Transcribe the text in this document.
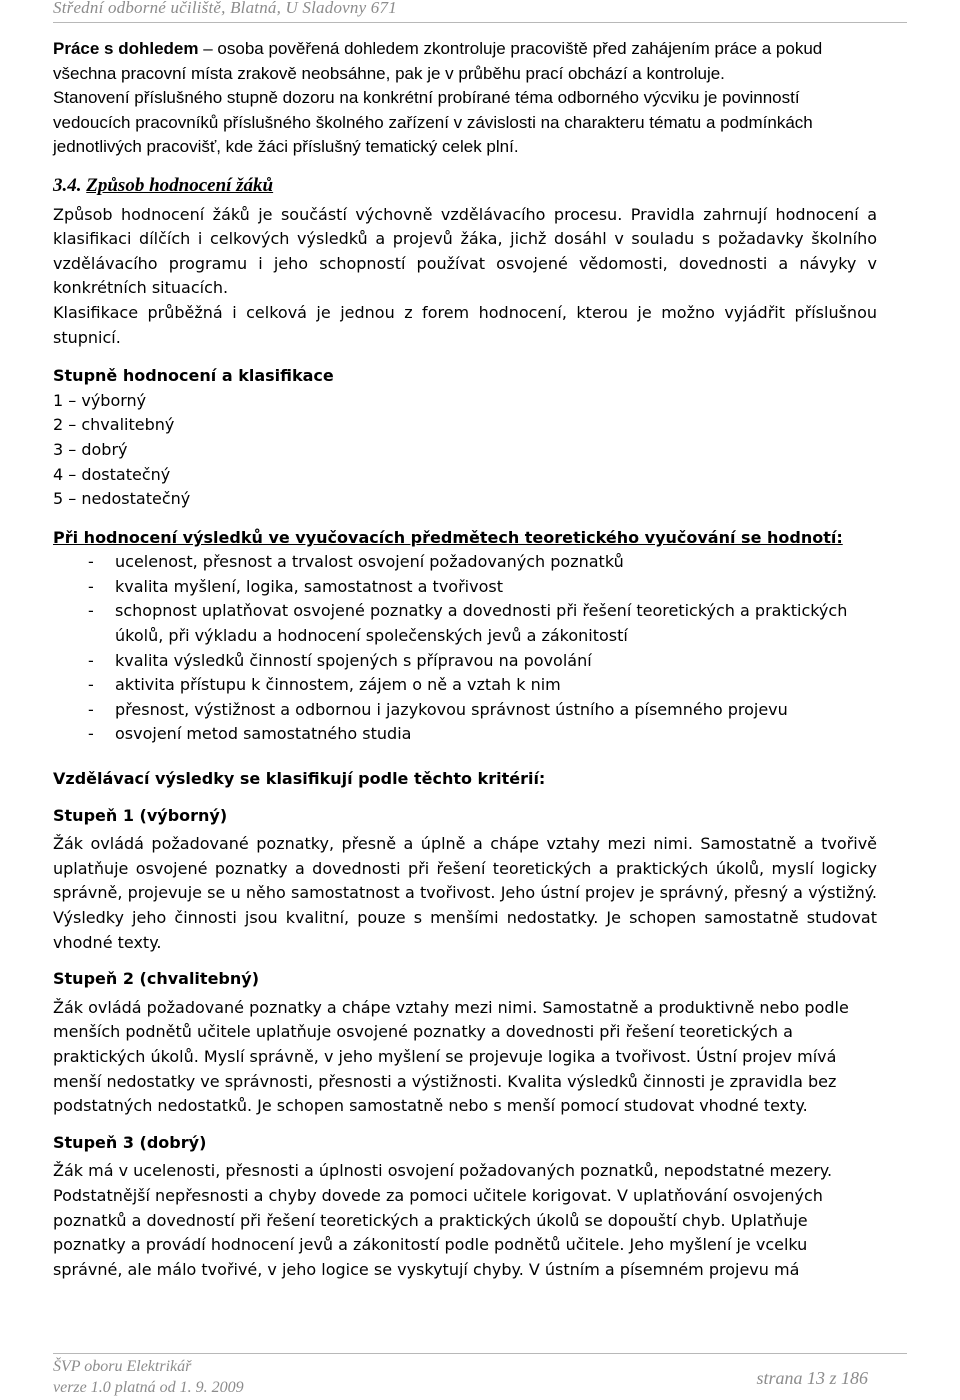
Střední odborné učiliště, Blatná, U Sladovny 671

Práce s dohledem – osoba pověřená dohledem zkontroluje pracoviště před zahájením práce a pokud všechna pracovní místa zrakově neobsáhne, pak je v průběhu prací obchází a kontroluje.

Stanovení příslušného stupně dozoru na konkrétní probírané téma odborného výcviku je povinností vedoucích pracovníků příslušného školného zařízení v závislosti na charakteru tématu a podmínkách jednotlivých pracovišť, kde žáci příslušný tematický celek plní.

3.4. Způsob hodnocení žáků

Způsob hodnocení žáků je součástí výchovně vzdělávacího procesu. Pravidla zahrnují hodnocení a klasifikaci dílčích i celkových výsledků a projevů žáka, jichž dosáhl v souladu s požadavky školního vzdělávacího programu i jeho schopností používat osvojené vědomosti, dovednosti a návyky v konkrétních situacích.

Klasifikace průběžná i celková je jednou z forem hodnocení, kterou je možno vyjádřit příslušnou stupnicí.

Stupně hodnocení a klasifikace

1 – výborný

2 – chvalitebný

3 – dobrý

4 – dostatečný

5 – nedostatečný

Při hodnocení výsledků ve vyučovacích předmětech teoretického vyučování se hodnotí:

- ucelenost, přesnost a trvalost osvojení požadovaných poznatků
- kvalita myšlení, logika, samostatnost a tvořivost
- schopnost uplatňovat osvojené poznatky a dovednosti při řešení teoretických a praktických úkolů, při výkladu a hodnocení společenských jevů a zákonitostí
- kvalita výsledků činností spojených s přípravou na povolání
- aktivita přístupu k činnostem, zájem o ně a vztah k nim
- přesnost, výstižnost a odbornou i jazykovou správnost ústního a písemného projevu
- osvojení metod samostatného studia

Vzdělávací výsledky se klasifikují podle těchto kritérií:

Stupeň 1 (výborný)

Žák ovládá požadované poznatky, přesně a úplně a chápe vztahy mezi nimi. Samostatně a tvořivě uplatňuje osvojené poznatky a dovednosti při řešení teoretických a praktických úkolů, myslí logicky správně, projevuje se u něho samostatnost a tvořivost. Jeho ústní projev je správný, přesný a výstižný. Výsledky jeho činnosti jsou kvalitní, pouze s menšími nedostatky. Je schopen samostatně studovat vhodné texty.

Stupeň 2 (chvalitebný)

Žák ovládá požadované poznatky a chápe vztahy mezi nimi. Samostatně a produktivně nebo podle menších podnětů učitele uplatňuje osvojené poznatky a dovednosti při řešení teoretických a praktických úkolů. Myslí správně, v jeho myšlení se projevuje logika a tvořivost. Ústní projev mívá menší nedostatky ve správnosti, přesnosti a výstižnosti. Kvalita výsledků činnosti je zpravidla bez podstatných nedostatků. Je schopen samostatně nebo s menší pomocí studovat vhodné texty.

Stupeň 3 (dobrý)

Žák má v ucelenosti, přesnosti a úplnosti osvojení požadovaných poznatků, nepodstatné mezery. Podstatnější nepřesnosti a chyby dovede za pomoci učitele korigovat. V uplatňování osvojených poznatků a dovedností při řešení teoretických a praktických úkolů se dopouští chyb. Uplatňuje poznatky a provádí hodnocení jevů a zákonitostí podle podnětů učitele. Jeho myšlení je vcelku správné, ale málo tvořivé, v jeho logice se vyskytují chyby. V ústním a písemném projevu má

ŠVP oboru Elektrikář
verze 1.0 platná od 1. 9. 2009	strana 13 z 186
